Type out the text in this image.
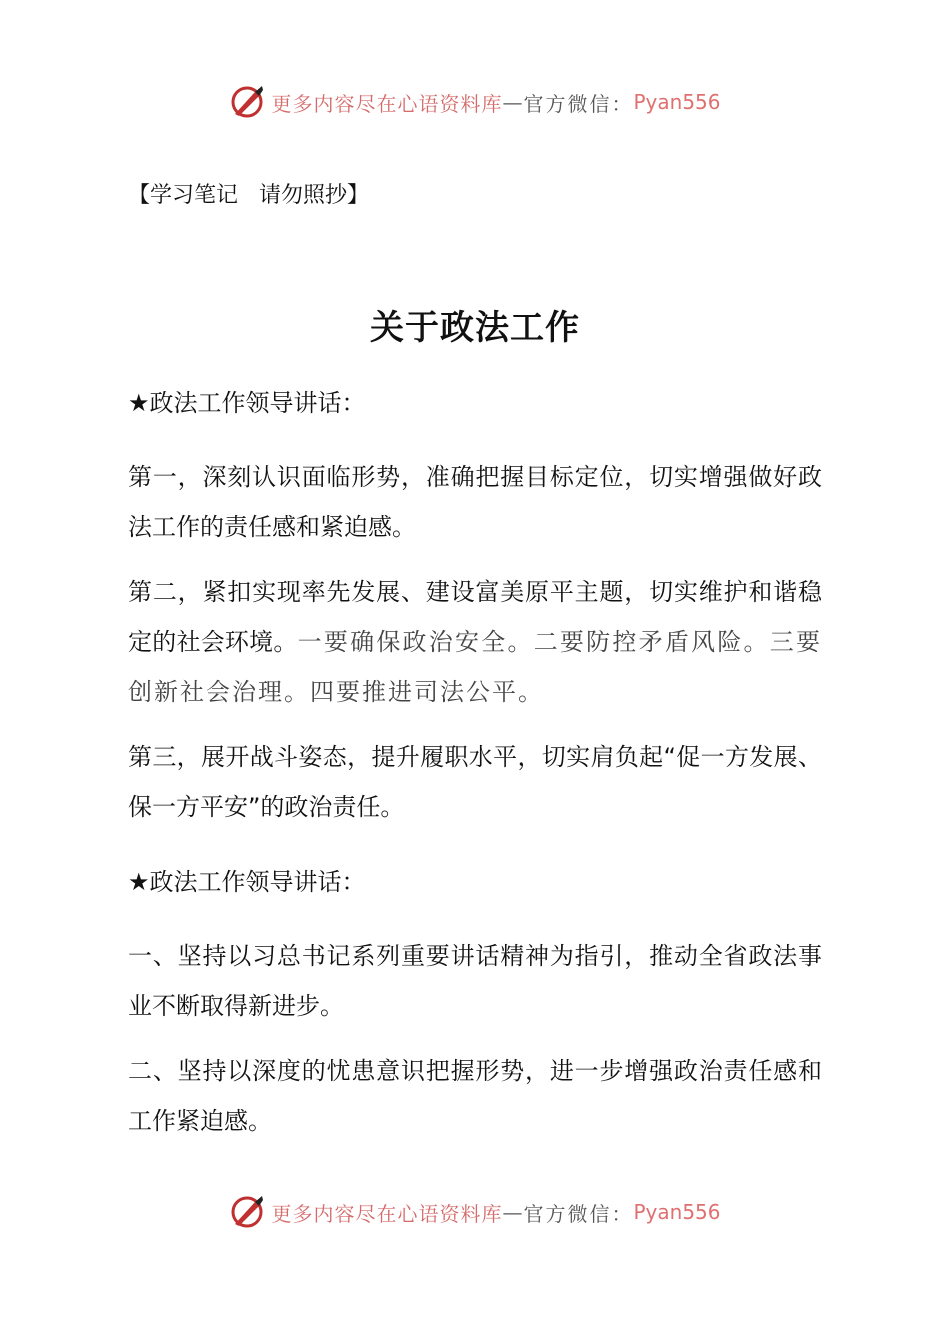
更多内容尽在心语资料库 — 官方微信： Pyan556
【学习笔记   请勿照抄】
关于政法工作
★政法工作领导讲话：
第一，深刻认识面临形势，准确把握目标定位，切实增强做好政法工作的责任感和紧迫感。
第二，紧扣实现率先发展、建设富美原平主题，切实维护和谐稳定的社会环境。一要确保政治安全。二要防控矛盾风险。三要创新社会治理。四要推进司法公平。
第三，展开战斗姿态，提升履职水平，切实肩负起“促一方发展、保一方平安”的政治责任。
★政法工作领导讲话：
一、坚持以习总书记系列重要讲话精神为指引，推动全省政法事业不断取得新进步。
二、坚持以深度的忧患意识把握形势，进一步增强政治责任感和工作紧迫感。
更多内容尽在心语资料库 — 官方微信： Pyan556
